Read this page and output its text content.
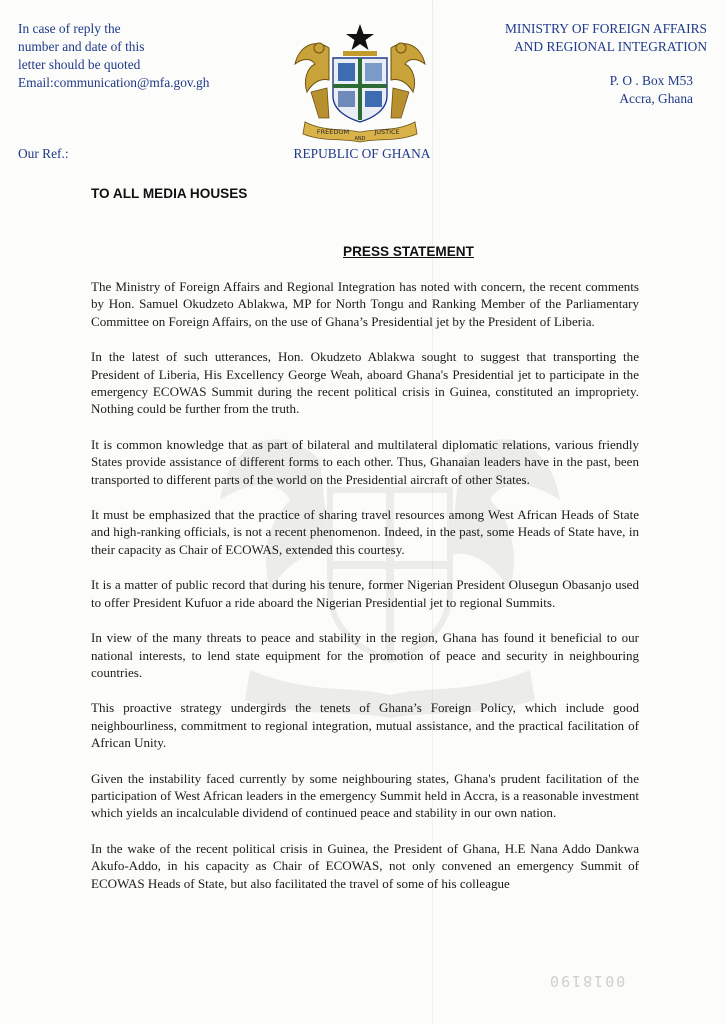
In case of reply the
number and date of this
letter should be quoted
Email:communication@mfa.gov.gh
FREEDOM	JUSTICE
AND
REPUBLIC OF GHANA
MINISTRY OF FOREIGN AFFAIRS
AND REGIONAL INTEGRATION
P. O . Box M53
Accra, Ghana
Our Ref.:
TO ALL MEDIA HOUSES
PRESS STATEMENT

The Ministry of Foreign Affairs and Regional Integration has noted with concern, the recent comments by Hon. Samuel Okudzeto Ablakwa, MP for North Tongu and Ranking Member of the Parliamentary Committee on Foreign Affairs, on the use of Ghana’s Presidential jet by the President of Liberia.

In the latest of such utterances, Hon. Okudzeto Ablakwa sought to suggest that transporting the President of Liberia, His Excellency George Weah, aboard Ghana's Presidential jet to participate in the emergency ECOWAS Summit during the recent political crisis in Guinea, constituted an impropriety. Nothing could be further from the truth.

It is common knowledge that as part of bilateral and multilateral diplomatic relations, various friendly States provide assistance of different forms to each other. Thus, Ghanaian leaders have in the past, been transported to different parts of the world on the Presidential aircraft of other States.

It must be emphasized that the practice of sharing travel resources among West African Heads of State and high-ranking officials, is not a recent phenomenon. Indeed, in the past, some Heads of State have, in their capacity as Chair of ECOWAS, extended this courtesy.

It is a matter of public record that during his tenure, former Nigerian President Olusegun Obasanjo used to offer President Kufuor a ride aboard the Nigerian Presidential jet to regional Summits.

In view of the many threats to peace and stability in the region, Ghana has found it beneficial to our national interests, to lend state equipment for the promotion of peace and security in neighbouring countries.

This proactive strategy undergirds the tenets of Ghana’s Foreign Policy, which include good neighbourliness, commitment to regional integration, mutual assistance, and the practical facilitation of African Unity.

Given the instability faced currently by some neighbouring states, Ghana's prudent facilitation of the participation of West African leaders in the emergency Summit held in Accra, is a reasonable investment which yields an incalculable dividend of continued peace and stability in our own nation.

In the wake of the recent political crisis in Guinea, the President of Ghana, H.E Nana Addo Dankwa Akufo-Addo, in his capacity as Chair of ECOWAS, not only convened an emergency Summit of ECOWAS Heads of State, but also facilitated the travel of some of his colleague

0018190
